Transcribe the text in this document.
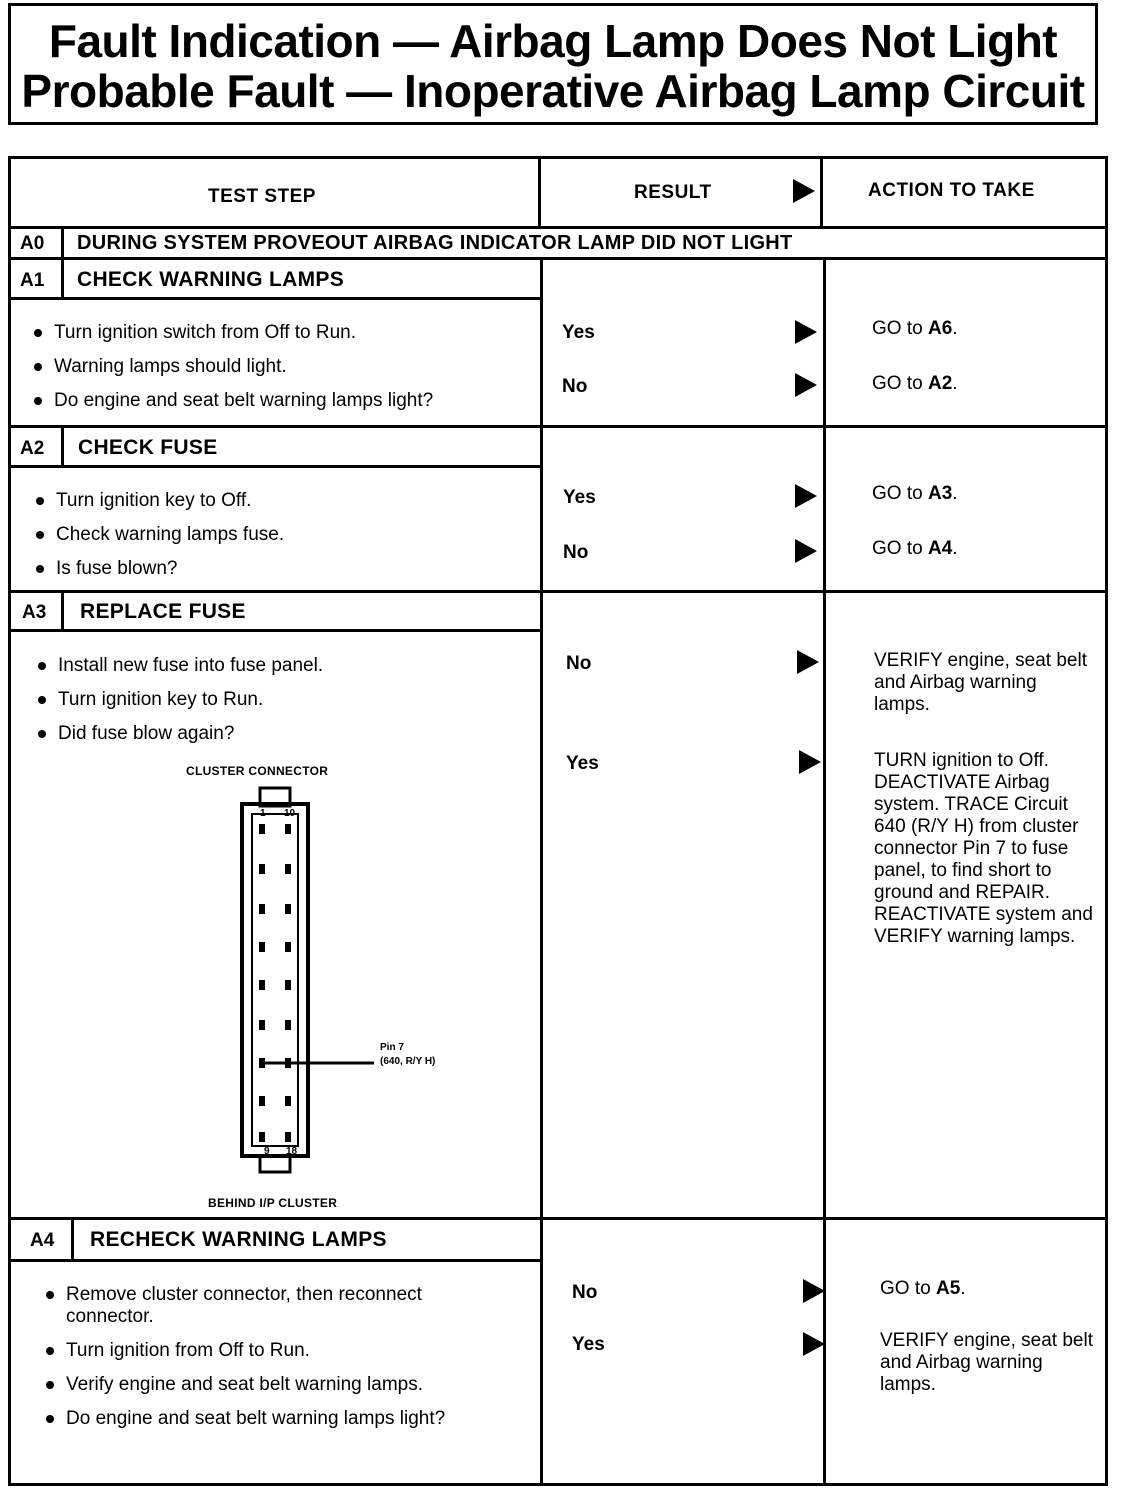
Fault Indication — Airbag Lamp Does Not Light
Probable Fault — Inoperative Airbag Lamp Circuit
TEST STEP	RESULT	ACTION TO TAKE
A0 DURING SYSTEM PROVEOUT AIRBAG INDICATOR LAMP DID NOT LIGHT
A1 CHECK WARNING LAMPS
Turn ignition switch from Off to Run.
Warning lamps should light.
Do engine and seat belt warning lamps light?
Yes	GO to A6.
No	GO to A2.
A2 CHECK FUSE
Turn ignition key to Off.
Check warning lamps fuse.
Is fuse blown?
Yes	GO to A3.
No	GO to A4.
A3 REPLACE FUSE
Install new fuse into fuse panel.
Turn ignition key to Run.
Did fuse blow again?
No	VERIFY engine, seat belt and Airbag warning lamps.
Yes	TURN ignition to Off. DEACTIVATE Airbag system. TRACE Circuit 640 (R/Y H) from cluster connector Pin 7 to fuse panel, to find short to ground and REPAIR. REACTIVATE system and VERIFY warning lamps.
CLUSTER CONNECTOR
1 10
9 18
Pin 7
(640, R/Y H)
BEHIND I/P CLUSTER
A4 RECHECK WARNING LAMPS
Remove cluster connector, then reconnect connector.
Turn ignition from Off to Run.
Verify engine and seat belt warning lamps.
Do engine and seat belt warning lamps light?
No	GO to A5.
Yes	VERIFY engine, seat belt and Airbag warning lamps.
